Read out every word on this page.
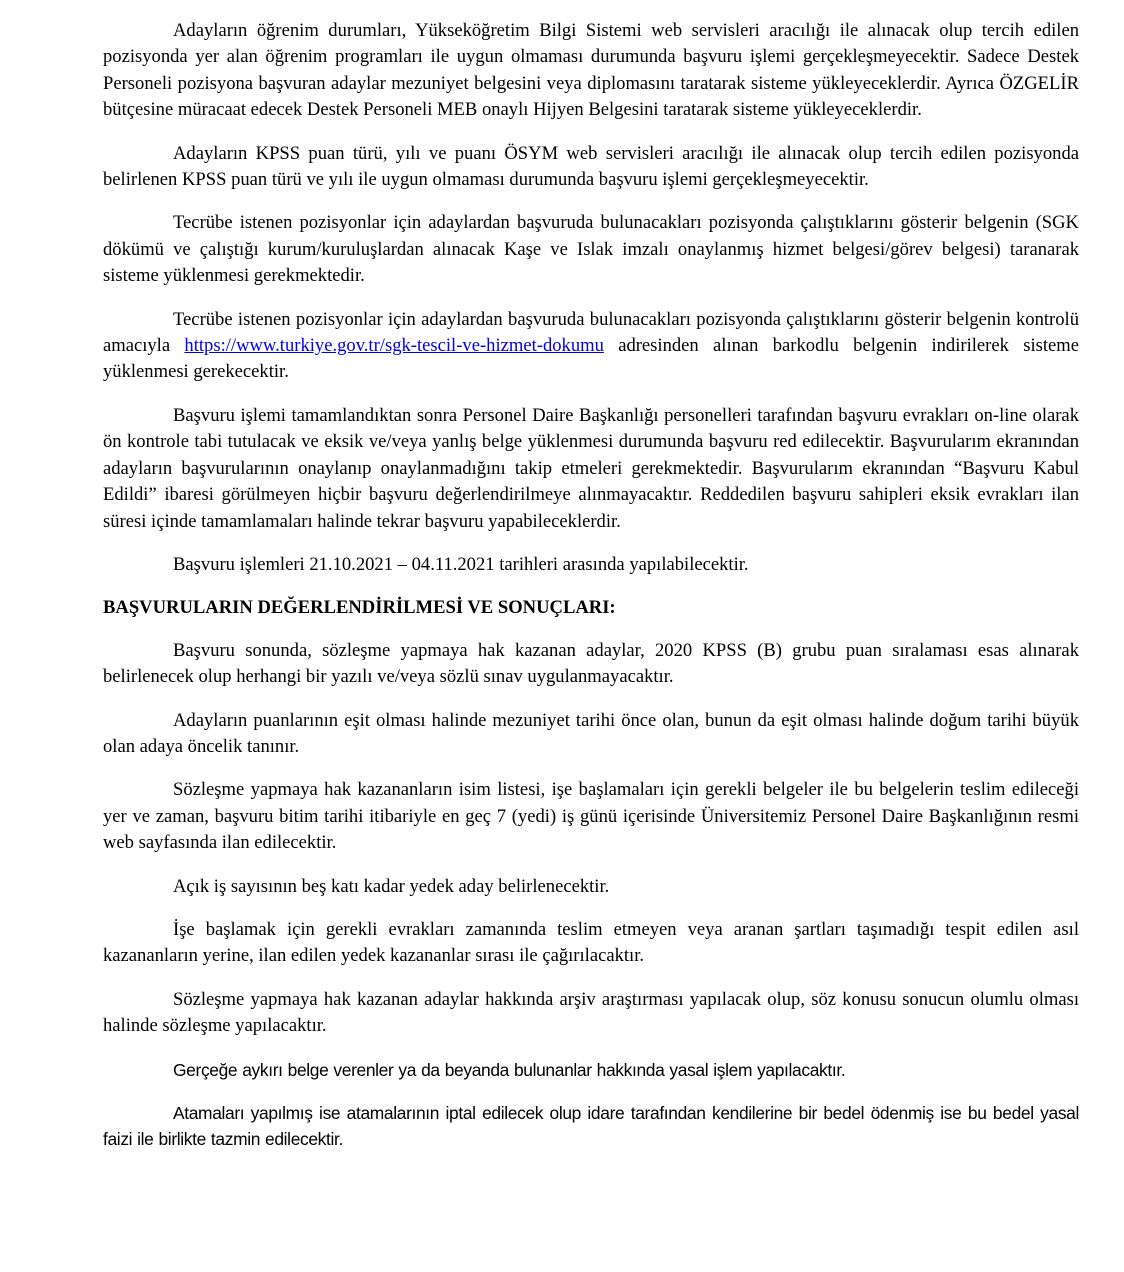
Adayların öğrenim durumları, Yükseköğretim Bilgi Sistemi web servisleri aracılığı ile alınacak olup tercih edilen pozisyonda yer alan öğrenim programları ile uygun olmaması durumunda başvuru işlemi gerçekleşmeyecektir. Sadece Destek Personeli pozisyona başvuran adaylar mezuniyet belgesini veya diplomasını taratarak sisteme yükleyeceklerdir. Ayrıca ÖZGELİR bütçesine müracaat edecek Destek Personeli MEB onaylı Hijyen Belgesini taratarak sisteme yükleyeceklerdir.

Adayların KPSS puan türü, yılı ve puanı ÖSYM web servisleri aracılığı ile alınacak olup tercih edilen pozisyonda belirlenen KPSS puan türü ve yılı ile uygun olmaması durumunda başvuru işlemi gerçekleşmeyecektir.

Tecrübe istenen pozisyonlar için adaylardan başvuruda bulunacakları pozisyonda çalıştıklarını gösterir belgenin (SGK dökümü ve çalıştığı kurum/kuruluşlardan alınacak Kaşe ve Islak imzalı onaylanmış hizmet belgesi/görev belgesi) taranarak sisteme yüklenmesi gerekmektedir.

Tecrübe istenen pozisyonlar için adaylardan başvuruda bulunacakları pozisyonda çalıştıklarını gösterir belgenin kontrolü amacıyla https://www.turkiye.gov.tr/sgk-tescil-ve-hizmet-dokumu adresinden alınan barkodlu belgenin indirilerek sisteme yüklenmesi gerekecektir.

Başvuru işlemi tamamlandıktan sonra Personel Daire Başkanlığı personelleri tarafından başvuru evrakları on-line olarak ön kontrole tabi tutulacak ve eksik ve/veya yanlış belge yüklenmesi durumunda başvuru red edilecektir. Başvurularım ekranından adayların başvurularının onaylanıp onaylanmadığını takip etmeleri gerekmektedir. Başvurularım ekranından “Başvuru Kabul Edildi” ibaresi görülmeyen hiçbir başvuru değerlendirilmeye alınmayacaktır. Reddedilen başvuru sahipleri eksik evrakları ilan süresi içinde tamamlamaları halinde tekrar başvuru yapabileceklerdir.

Başvuru işlemleri 21.10.2021 – 04.11.2021 tarihleri arasında yapılabilecektir.

BAŞVURULARIN DEĞERLENDİRİLMESİ VE SONUÇLARI:

Başvuru sonunda, sözleşme yapmaya hak kazanan adaylar, 2020 KPSS (B) grubu puan sıralaması esas alınarak belirlenecek olup herhangi bir yazılı ve/veya sözlü sınav uygulanmayacaktır.

Adayların puanlarının eşit olması halinde mezuniyet tarihi önce olan, bunun da eşit olması halinde doğum tarihi büyük olan adaya öncelik tanınır.

Sözleşme yapmaya hak kazananların isim listesi, işe başlamaları için gerekli belgeler ile bu belgelerin teslim edileceği yer ve zaman, başvuru bitim tarihi itibariyle en geç 7 (yedi) iş günü içerisinde Üniversitemiz Personel Daire Başkanlığının resmi web sayfasında ilan edilecektir.

Açık iş sayısının beş katı kadar yedek aday belirlenecektir.

İşe başlamak için gerekli evrakları zamanında teslim etmeyen veya aranan şartları taşımadığı tespit edilen asıl kazananların yerine, ilan edilen yedek kazananlar sırası ile çağırılacaktır.

Sözleşme yapmaya hak kazanan adaylar hakkında arşiv araştırması yapılacak olup, söz konusu sonucun olumlu olması halinde sözleşme yapılacaktır.

Gerçeğe aykırı belge verenler ya da beyanda bulunanlar hakkında yasal işlem yapılacaktır.

Atamaları yapılmış ise atamalarının iptal edilecek olup idare tarafından kendilerine bir bedel ödenmiş ise bu bedel yasal faizi ile birlikte tazmin edilecektir.
